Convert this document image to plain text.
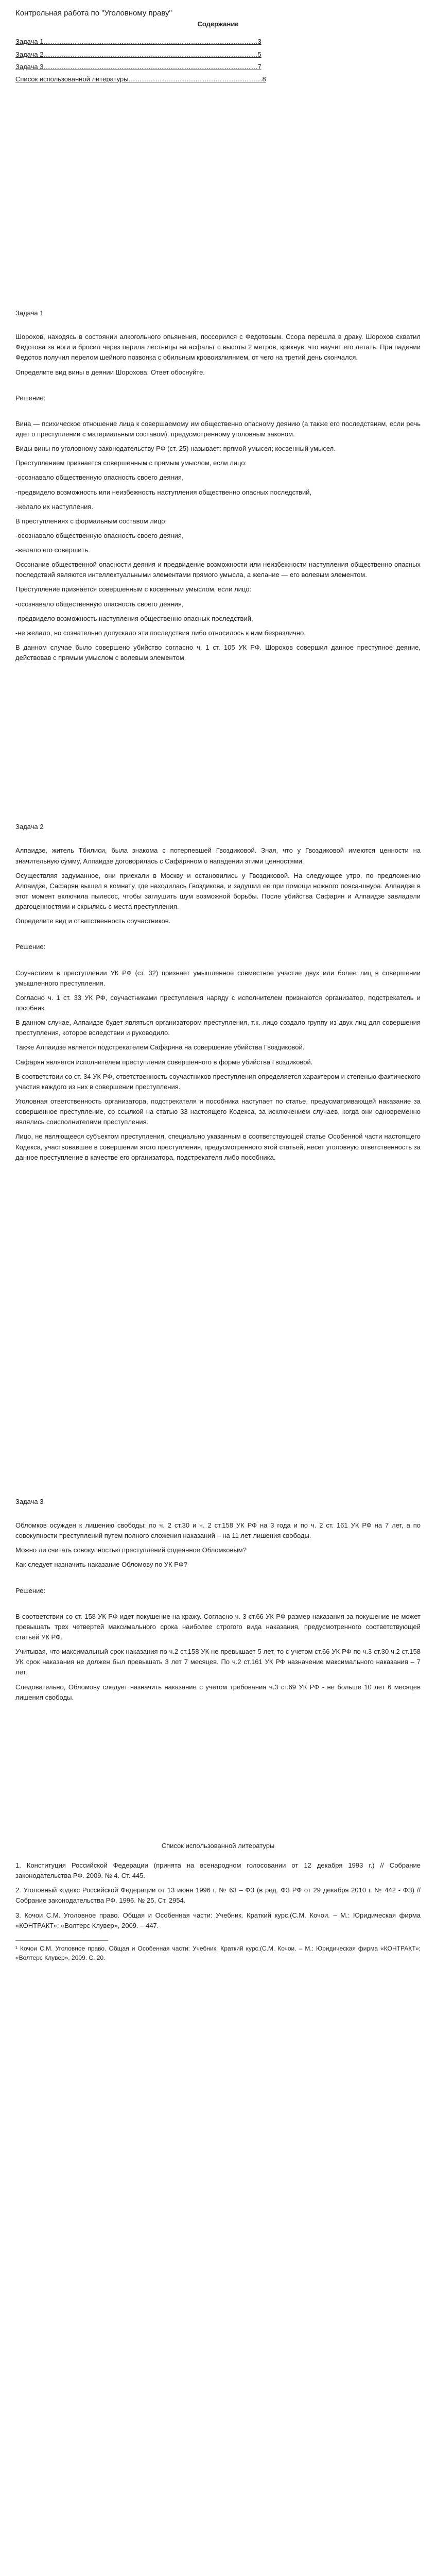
Контрольная работа по "Уголовному праву"
Содержание
Задача 1……………………………………………………………………………………3
Задача 2……………………………………………………………………………………5
Задача 3……………………………………………………………………………………7
Список использованной литературы……………………………………………………8
Задача 1

Шорохов, находясь в состоянии алкогольного опьянения, поссорился с Федотовым. Ссора перешла в драку. Шорохов схватил Федотова за ноги и бросил через перила лестницы на асфальт с высоты 2 метров, крикнув, что научит его летать. При падении Федотов получил перелом шейного позвонка с обильным кровоизлиянием, от чего на третий день скончался.

Определите вид вины в деянии Шорохова. Ответ обоснуйте.

Решение:

Вина — психическое отношение лица к совершаемому им общественно опасному деянию (а также его последствиям, если речь идет о преступлении с материальным составом), предусмотренному уголовным законом.

Виды вины по уголовному законодательству РФ (ст. 25) называет: прямой умысел; косвенный умысел.

Преступлением признается совершенным с прямым умыслом, если лицо:

-осознавало общественную опасность своего деяния,

-предвидело возможность или неизбежность наступления общественно опасных последствий,

-желало их наступления.

В преступлениях с формальным составом лицо:

-осознавало общественную опасность своего деяния,

-желало его совершить.

Осознание общественной опасности деяния и предвидение возможности или неизбежности наступления общественно опасных последствий являются интеллектуальными элементами прямого умысла, а желание — его волевым элементом.

Преступление признается совершенным с косвенным умыслом, если лицо:

-осознавало общественную опасность своего деяния,

-предвидело возможность наступления общественно опасных последствий,

-не желало, но сознательно допускало эти последствия либо относилось к ним безразлично.

В данном случае было совершено убийство согласно ч. 1 ст. 105 УК РФ. Шорохов совершил данное преступное деяние, действовав с прямым умыслом с волевым элементом.

Задача 2

Алпаидзе, житель Тбилиси, была знакома с потерпевшей Гвоздиковой. Зная, что у Гвоздиковой имеются ценности на значительную сумму, Алпаидзе договорилась с Сафаряном о нападении этими ценностями.

Осуществляя задуманное, они приехали в Москву и остановились у Гвоздиковой. На следующее утро, по предложению Алпаидзе, Сафарян вышел в комнату, где находилась Гвоздикова, и задушил ее при помощи ножного пояса-шнура. Алпаидзе в этот момент включила пылесос, чтобы заглушить шум возможной борьбы. После убийства Сафарян и Алпаидзе завладели драгоценностями и скрылись с места преступления.

Определите вид и ответственность соучастников.

Решение:

Соучастием в преступлении УК РФ (ст. 32) признает умышленное совместное участие двух или более лиц в совершении умышленного преступления.

Согласно ч. 1 ст. 33 УК РФ, соучастниками преступления наряду с исполнителем признаются организатор, подстрекатель и пособник.

В данном случае, Алпаидзе будет являться организатором преступления, т.к. лицо создало группу из двух лиц для совершения преступления, которое вследствии и руководило.

Также Алпаидзе является подстрекателем Сафаряна на совершение убийства Гвоздиковой.

Сафарян является исполнителем преступления совершенного в форме убийства Гвоздиковой.

В соответствии со ст. 34 УК РФ, ответственность соучастников преступления определяется характером и степенью фактического участия каждого из них в совершении преступления.

Уголовная ответственность организатора, подстрекателя и пособника наступает по статье, предусматривающей наказание за совершенное преступление, со ссылкой на статью 33 настоящего Кодекса, за исключением случаев, когда они одновременно являлись соисполнителями преступления.

Лицо, не являющееся субъектом преступления, специально указанным в соответствующей статье Особенной части настоящего Кодекса, участвовавшее в совершении этого преступления, предусмотренного этой статьей, несет уголовную ответственность за данное преступление в качестве его организатора, подстрекателя либо пособника.

Задача 3

Обломков осужден к лишению свободы: по ч. 2 ст.30 и ч. 2 ст.158 УК РФ на 3 года и по ч. 2 ст. 161 УК РФ на 7 лет, а по совокупности преступлений путем полного сложения наказаний – на 11 лет лишения свободы.

Можно ли считать совокупностью преступлений содеянное Обломковым?

Как следует назначить наказание Обломову по УК РФ?

Решение:

В соответствии со ст. 158 УК РФ идет покушение на кражу. Согласно ч. 3 ст.66 УК РФ размер наказания за покушение не может превышать трех четвертей максимального срока наиболее строгого вида наказания, предусмотренного соответствующей статьей УК РФ.

Учитывая, что максимальный срок наказания по ч.2 ст.158 УК не превышает 5 лет, то с учетом ст.66 УК РФ по ч.3 ст.30 ч.2 ст.158 УК срок наказания не должен был превышать 3 лет 7 месяцев. По ч.2 ст.161 УК РФ назначение максимального наказания – 7 лет.

Следовательно, Обломову следует назначить наказание с учетом требования ч.3 ст.69 УК РФ - не больше 10 лет 6 месяцев лишения свободы.

Список использованной литературы

1. Конституция Российской Федерации (принята на всенародном голосовании от 12 декабря 1993 г.) // Собрание законодательства РФ. 2009. № 4. Ст. 445.

2. Уголовный кодекс Российской Федерации от 13 июня 1996 г. № 63 – ФЗ (в ред. ФЗ РФ от 29 декабря 2010 г. № 442 - ФЗ) // Собрание законодательства РФ. 1996. № 25. Ст. 2954.

3. Кочои С.М. Уголовное право. Общая и Особенная части: Учебник. Краткий курс.(С.М. Кочои. – М.: Юридическая фирма «КОНТРАКТ»; «Волтерс Клувер», 2009. – 447.

¹ Кочои С.М. Уголовное право. Общая и Особенная части: Учебник. Краткий курс.(С.М. Кочои. – М.: Юридическая фирма «КОНТРАКТ»; «Волтерс Клувер», 2009. С. 20.
